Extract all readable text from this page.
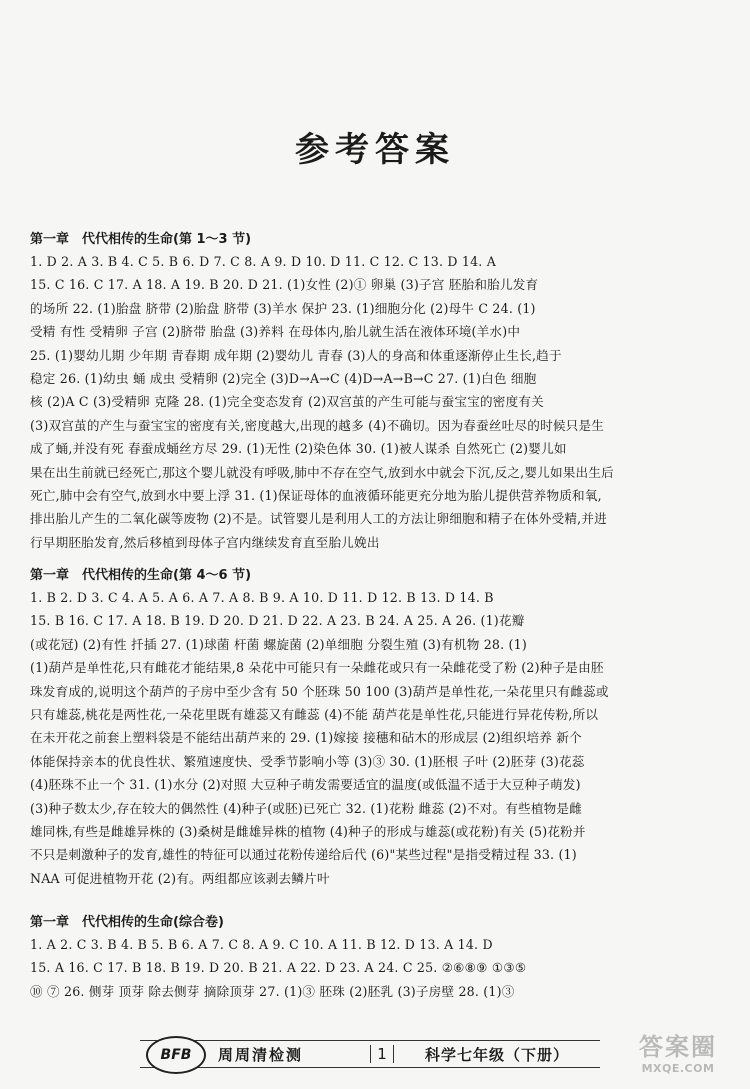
参考答案
第一章　代代相传的生命(第 1～3 节)
1. D 2. A 3. B 4. C 5. B 6. D 7. C 8. A 9. D 10. D 11. C 12. C 13. D 14. A
15. C 16. C 17. A 18. A 19. B 20. D 21. (1)女性 (2)① 卵巢 (3)子宫 胚胎和胎儿发育
的场所 22. (1)胎盘 脐带 (2)胎盘 脐带 (3)羊水 保护 23. (1)细胞分化 (2)母牛 C 24. (1)
受精 有性 受精卵 子宫 (2)脐带 胎盘 (3)养料 在母体内,胎儿就生活在液体环境(羊水)中
25. (1)婴幼儿期 少年期 青春期 成年期 (2)婴幼儿 青春 (3)人的身高和体重逐渐停止生长,趋于
稳定 26. (1)幼虫 蛹 成虫 受精卵 (2)完全 (3)D→A→C (4)D→A→B→C 27. (1)白色 细胞
核 (2)A C (3)受精卵 克隆 28. (1)完全变态发育 (2)双宫茧的产生可能与蚕宝宝的密度有关
(3)双宫茧的产生与蚕宝宝的密度有关,密度越大,出现的越多 (4)不确切。因为春蚕丝吐尽的时候只是生
成了蛹,并没有死 春蚕成蛹丝方尽 29. (1)无性 (2)染色体 30. (1)被人谋杀 自然死亡 (2)婴儿如
果在出生前就已经死亡,那这个婴儿就没有呼吸,肺中不存在空气,放到水中就会下沉,反之,婴儿如果出生后
死亡,肺中会有空气,放到水中要上浮 31. (1)保证母体的血液循环能更充分地为胎儿提供营养物质和氧,
排出胎儿产生的二氧化碳等废物 (2)不是。试管婴儿是利用人工的方法让卵细胞和精子在体外受精,并进
行早期胚胎发育,然后移植到母体子宫内继续发育直至胎儿娩出
第一章　代代相传的生命(第 4～6 节)
1. B 2. D 3. C 4. A 5. A 6. A 7. A 8. B 9. A 10. D 11. D 12. B 13. D 14. B
15. B 16. C 17. A 18. B 19. D 20. D 21. D 22. A 23. B 24. A 25. A 26. (1)花瓣
(或花冠) (2)有性 扦插 27. (1)球菌 杆菌 螺旋菌 (2)单细胞 分裂生殖 (3)有机物 28. (1)
(1)葫芦是单性花,只有雌花才能结果,8 朵花中可能只有一朵雌花或只有一朵雌花受了粉 (2)种子是由胚
珠发育成的,说明这个葫芦的子房中至少含有 50 个胚珠 50 100 (3)葫芦是单性花,一朵花里只有雌蕊或
只有雄蕊,桃花是两性花,一朵花里既有雄蕊又有雌蕊 (4)不能 葫芦花是单性花,只能进行异花传粉,所以
在未开花之前套上塑料袋是不能结出葫芦来的 29. (1)嫁接 接穗和砧木的形成层 (2)组织培养 新个
体能保持亲本的优良性状、繁殖速度快、受季节影响小等 (3)③ 30. (1)胚根 子叶 (2)胚芽 (3)花蕊
(4)胚珠不止一个 31. (1)水分 (2)对照 大豆种子萌发需要适宜的温度(或低温不适于大豆种子萌发)
(3)种子数太少,存在较大的偶然性 (4)种子(或胚)已死亡 32. (1)花粉 雌蕊 (2)不对。有些植物是雌
雄同株,有些是雌雄异株的 (3)桑树是雌雄异株的植物 (4)种子的形成与雄蕊(或花粉)有关 (5)花粉并
不只是刺激种子的发育,雄性的特征可以通过花粉传递给后代 (6)"某些过程"是指受精过程 33. (1)
NAA 可促进植物开花 (2)有。两组都应该剥去鳞片叶
第一章　代代相传的生命(综合卷)
1. A 2. C 3. B 4. B 5. B 6. A 7. C 8. A 9. C 10. A 11. B 12. D 13. A 14. D
15. A 16. C 17. B 18. B 19. D 20. B 21. A 22. D 23. A 24. C 25. ②⑥⑧⑨ ①③⑤
⑩ ⑦ 26. 侧芽 顶芽 除去侧芽 摘除顶芽 27. (1)③ 胚珠 (2)胚乳 (3)子房壁 28. (1)③
周周清检测	1	科学七年级（下册）
BFB	答案圈
MXQE.COM
